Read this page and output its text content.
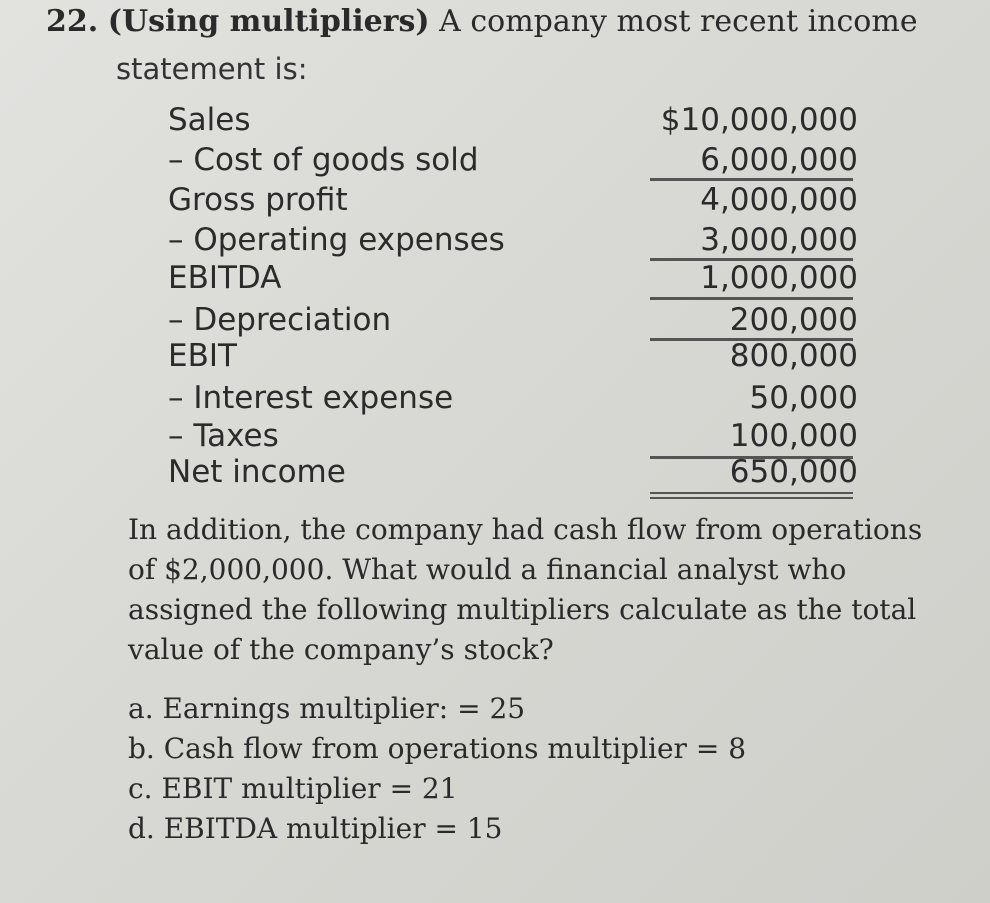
22. (Using multipliers) A company most recent income
statement is:
Sales	$10,000,000
– Cost of goods sold	6,000,000
Gross profit	4,000,000
– Operating expenses	3,000,000
EBITDA	1,000,000
– Depreciation	200,000
EBIT	800,000
– Interest expense	50,000
– Taxes	100,000
Net income	650,000
In addition, the company had cash flow from operations of $2,000,000. What would a financial analyst who assigned the following multipliers calculate as the total value of the company’s stock?
a. Earnings multiplier: = 25
b. Cash flow from operations multiplier = 8
c. EBIT multiplier = 21
d. EBITDA multiplier = 15
